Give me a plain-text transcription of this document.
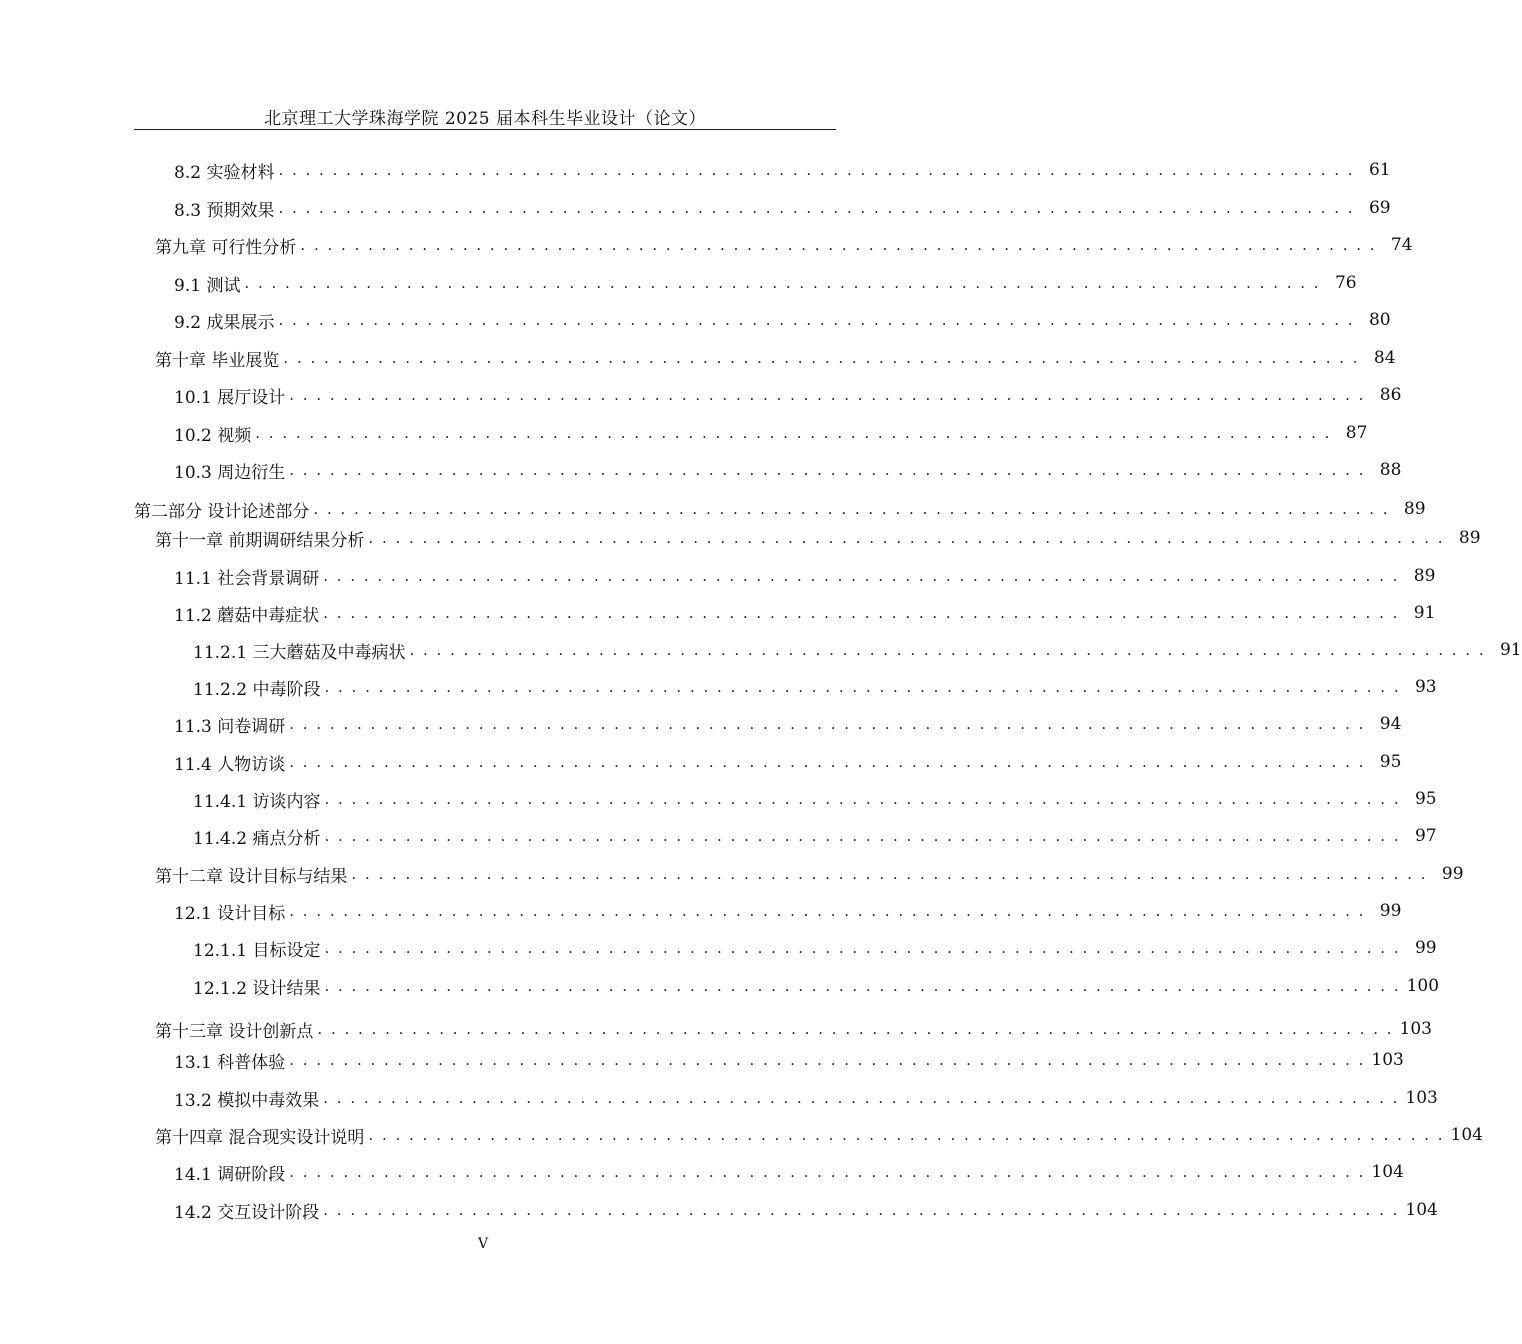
北京理工大学珠海学院 2025 届本科生毕业设计（论文）
8.2 实验材料 . . . . . . . . . . . . . . . . . . . . . . . . . . . . . . . . . . . . . . . . . . . . . . . . . . . . . . . . . . . . . . . . . . . . . . . . . . . . . . . . 61
8.3 预期效果 . . . . . . . . . . . . . . . . . . . . . . . . . . . . . . . . . . . . . . . . . . . . . . . . . . . . . . . . . . . . . . . . . . . . . . . . . . . . . . . . 69
第九章 可行性分析 . . . . . . . . . . . . . . . . . . . . . . . . . . . . . . . . . . . . . . . . . . . . . . . . . . . . . . . . . . . . . . . . . . . . . . . . . . . . . . . . 74
9.1 测试 . . . . . . . . . . . . . . . . . . . . . . . . . . . . . . . . . . . . . . . . . . . . . . . . . . . . . . . . . . . . . . . . . . . . . . . . . . . . . . . . 76
9.2 成果展示 . . . . . . . . . . . . . . . . . . . . . . . . . . . . . . . . . . . . . . . . . . . . . . . . . . . . . . . . . . . . . . . . . . . . . . . . . . . . . . . . 80
第十章 毕业展览 . . . . . . . . . . . . . . . . . . . . . . . . . . . . . . . . . . . . . . . . . . . . . . . . . . . . . . . . . . . . . . . . . . . . . . . . . . . . . . . . 84
10.1 展厅设计 . . . . . . . . . . . . . . . . . . . . . . . . . . . . . . . . . . . . . . . . . . . . . . . . . . . . . . . . . . . . . . . . . . . . . . . . . . . . . . . . 86
10.2 视频 . . . . . . . . . . . . . . . . . . . . . . . . . . . . . . . . . . . . . . . . . . . . . . . . . . . . . . . . . . . . . . . . . . . . . . . . . . . . . . . . 87
10.3 周边衍生 . . . . . . . . . . . . . . . . . . . . . . . . . . . . . . . . . . . . . . . . . . . . . . . . . . . . . . . . . . . . . . . . . . . . . . . . . . . . . . . . 88
第二部分 设计论述部分 . . . . . . . . . . . . . . . . . . . . . . . . . . . . . . . . . . . . . . . . . . . . . . . . . . . . . . . . . . . . . . . . . . . . . . . . . . . . . . . . 89
第十一章 前期调研结果分析 . . . . . . . . . . . . . . . . . . . . . . . . . . . . . . . . . . . . . . . . . . . . . . . . . . . . . . . . . . . . . . . . . . . . . . . . . . . . . . . . 89
11.1 社会背景调研 . . . . . . . . . . . . . . . . . . . . . . . . . . . . . . . . . . . . . . . . . . . . . . . . . . . . . . . . . . . . . . . . . . . . . . . . . . . . . . . . 89
11.2 蘑菇中毒症状 . . . . . . . . . . . . . . . . . . . . . . . . . . . . . . . . . . . . . . . . . . . . . . . . . . . . . . . . . . . . . . . . . . . . . . . . . . . . . . . . 91
11.2.1 三大蘑菇及中毒病状 . . . . . . . . . . . . . . . . . . . . . . . . . . . . . . . . . . . . . . . . . . . . . . . . . . . . . . . . . . . . . . . . . . . . . . . . . . . . . . . . 91
11.2.2 中毒阶段 . . . . . . . . . . . . . . . . . . . . . . . . . . . . . . . . . . . . . . . . . . . . . . . . . . . . . . . . . . . . . . . . . . . . . . . . . . . . . . . . 93
11.3 问卷调研 . . . . . . . . . . . . . . . . . . . . . . . . . . . . . . . . . . . . . . . . . . . . . . . . . . . . . . . . . . . . . . . . . . . . . . . . . . . . . . . . 94
11.4 人物访谈 . . . . . . . . . . . . . . . . . . . . . . . . . . . . . . . . . . . . . . . . . . . . . . . . . . . . . . . . . . . . . . . . . . . . . . . . . . . . . . . . 95
11.4.1 访谈内容 . . . . . . . . . . . . . . . . . . . . . . . . . . . . . . . . . . . . . . . . . . . . . . . . . . . . . . . . . . . . . . . . . . . . . . . . . . . . . . . . 95
11.4.2 痛点分析 . . . . . . . . . . . . . . . . . . . . . . . . . . . . . . . . . . . . . . . . . . . . . . . . . . . . . . . . . . . . . . . . . . . . . . . . . . . . . . . . 97
第十二章 设计目标与结果 . . . . . . . . . . . . . . . . . . . . . . . . . . . . . . . . . . . . . . . . . . . . . . . . . . . . . . . . . . . . . . . . . . . . . . . . . . . . . . . . 99
12.1 设计目标 . . . . . . . . . . . . . . . . . . . . . . . . . . . . . . . . . . . . . . . . . . . . . . . . . . . . . . . . . . . . . . . . . . . . . . . . . . . . . . . . 99
12.1.1 目标设定 . . . . . . . . . . . . . . . . . . . . . . . . . . . . . . . . . . . . . . . . . . . . . . . . . . . . . . . . . . . . . . . . . . . . . . . . . . . . . . . . 99
12.1.2 设计结果 . . . . . . . . . . . . . . . . . . . . . . . . . . . . . . . . . . . . . . . . . . . . . . . . . . . . . . . . . . . . . . . . . . . . . . . . . . . . . . . . 100
第十三章 设计创新点 . . . . . . . . . . . . . . . . . . . . . . . . . . . . . . . . . . . . . . . . . . . . . . . . . . . . . . . . . . . . . . . . . . . . . . . . . . . . . . . . 103
13.1 科普体验 . . . . . . . . . . . . . . . . . . . . . . . . . . . . . . . . . . . . . . . . . . . . . . . . . . . . . . . . . . . . . . . . . . . . . . . . . . . . . . . . 103
13.2 模拟中毒效果 . . . . . . . . . . . . . . . . . . . . . . . . . . . . . . . . . . . . . . . . . . . . . . . . . . . . . . . . . . . . . . . . . . . . . . . . . . . . . . . . 103
第十四章 混合现实设计说明 . . . . . . . . . . . . . . . . . . . . . . . . . . . . . . . . . . . . . . . . . . . . . . . . . . . . . . . . . . . . . . . . . . . . . . . . . . . . . . . . 104
14.1 调研阶段 . . . . . . . . . . . . . . . . . . . . . . . . . . . . . . . . . . . . . . . . . . . . . . . . . . . . . . . . . . . . . . . . . . . . . . . . . . . . . . . . 104
14.2 交互设计阶段 . . . . . . . . . . . . . . . . . . . . . . . . . . . . . . . . . . . . . . . . . . . . . . . . . . . . . . . . . . . . . . . . . . . . . . . . . . . . . . . . 104
V
